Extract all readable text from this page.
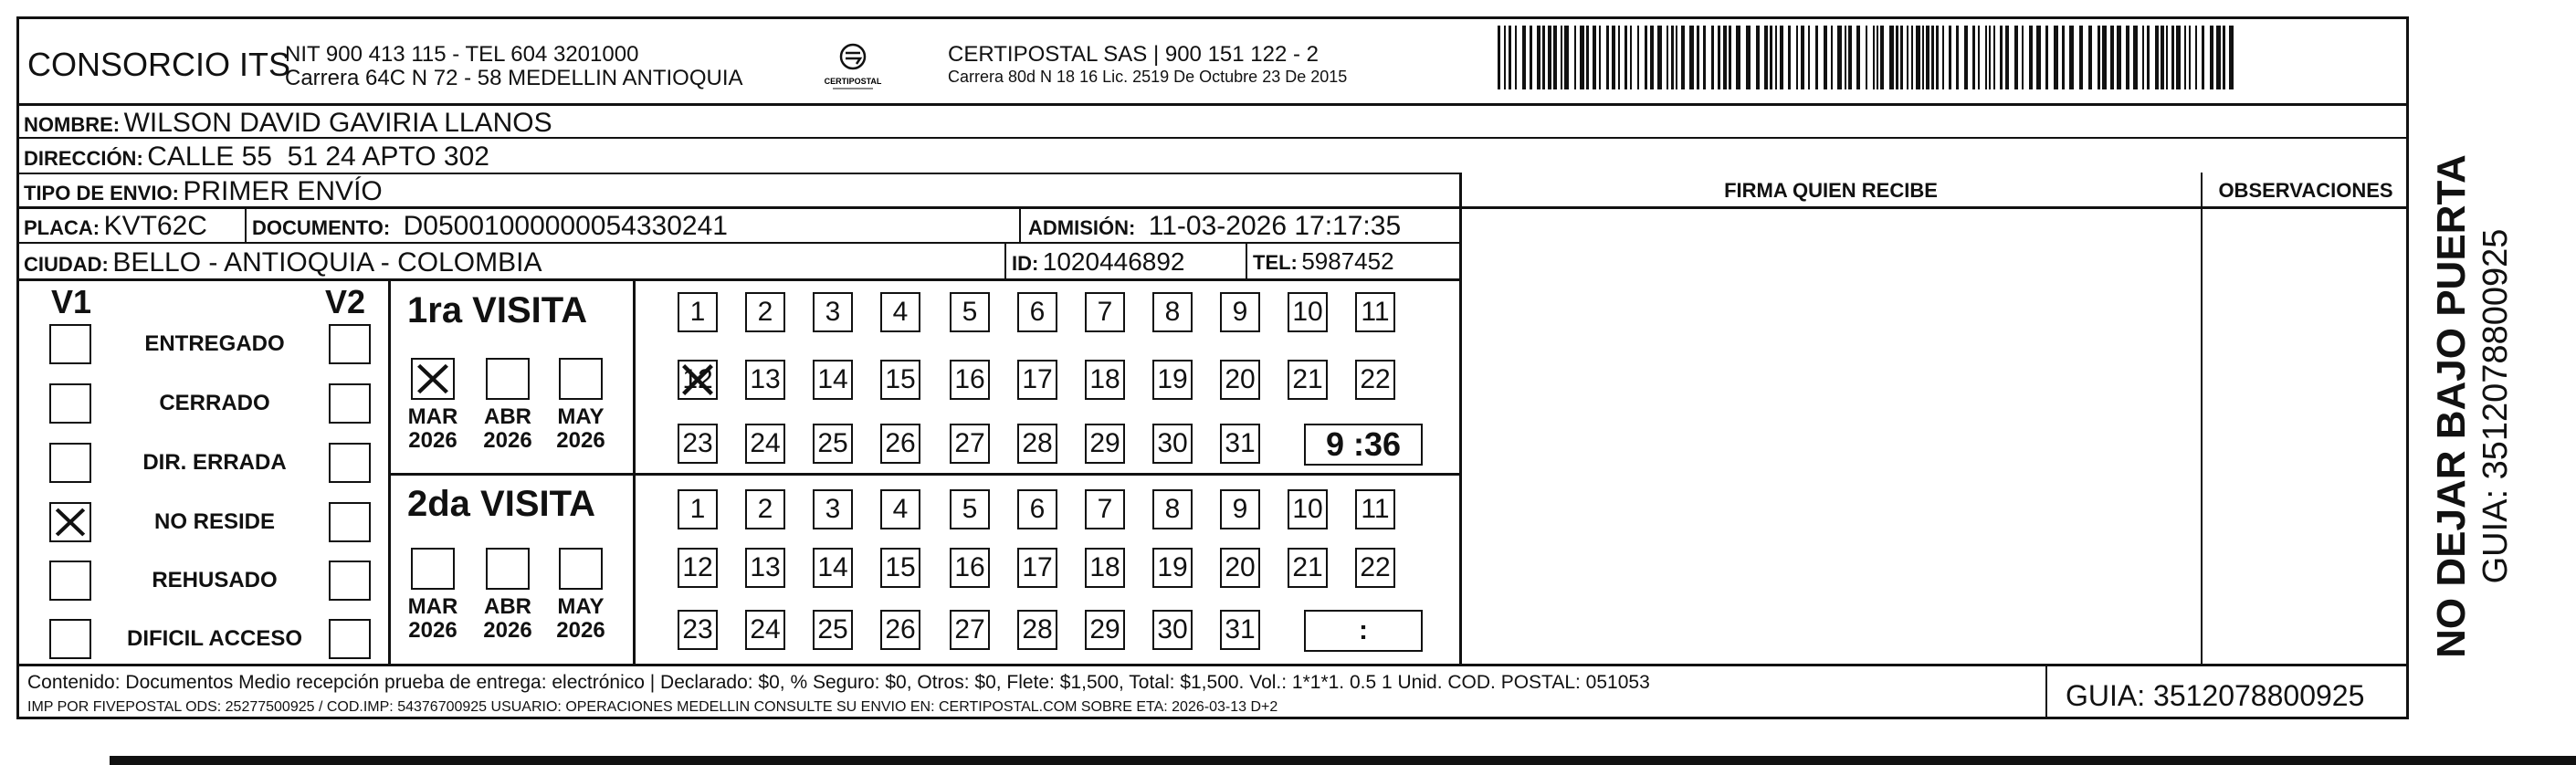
CONSORCIO ITS
NIT 900 413 115 - TEL 604 3201000
Carrera 64C N 72 - 58 MEDELLIN ANTIOQUIA	CERTIPOSTAL
CERTIPOSTAL SAS | 900 151 122 - 2
Carrera 80d N 18 16 Lic. 2519 De Octubre 23 De 2015
NOMBRE: WILSON DAVID GAVIRIA LLANOS
DIRECCIÓN: CALLE 55  51 24 APTO 302
TIPO DE ENVIO: PRIMER ENVÍO
PLACA: KVT62C DOCUMENTO: D05001000000054330241	ADMISIÓN: 11-03-2026 17:17:35
CIUDAD: BELLO - ANTIOQUIA - COLOMBIA	ID: 1020446892	TEL: 5987452
FIRMA QUIEN RECIBE	OBSERVACIONES
V1	V2
ENTREGADO
CERRADO
DIR. ERRADA
NO RESIDE
REHUSADO
DIFICIL ACCESO
1ra VISITA
2da VISITA
MAR
2026
ABR
2026
MAY
2026
MAR
2026
ABR
2026
MAY
2026
1	2	3	4	5	6	7	8	9	10 11
12 13 14 15 16 17 18 19 20 21 22
23 24 25 26 27 28 29 30 31
1	2	3	4	5	6	7	8	9	10 11
12 13 14 15 16 17 18 19 20 21 22
23 24 25 26 27 28 29 30 31
9 :36
:
Contenido: Documentos Medio recepción prueba de entrega: electrónico | Declarado: $0, % Seguro: $0, Otros: $0, Flete: $1,500, Total: $1,500. Vol.: 1*1*1. 0.5 1 Unid. COD. POSTAL: 051053
IMP POR FIVEPOSTAL ODS: 25277500925 / COD.IMP: 54376700925 USUARIO: OPERACIONES MEDELLIN CONSULTE SU ENVIO EN: CERTIPOSTAL.COM SOBRE ETA: 2026-03-13 D+2	GUIA: 3512078800925
NO DEJAR BAJO PUERTA GUIA: 3512078800925
